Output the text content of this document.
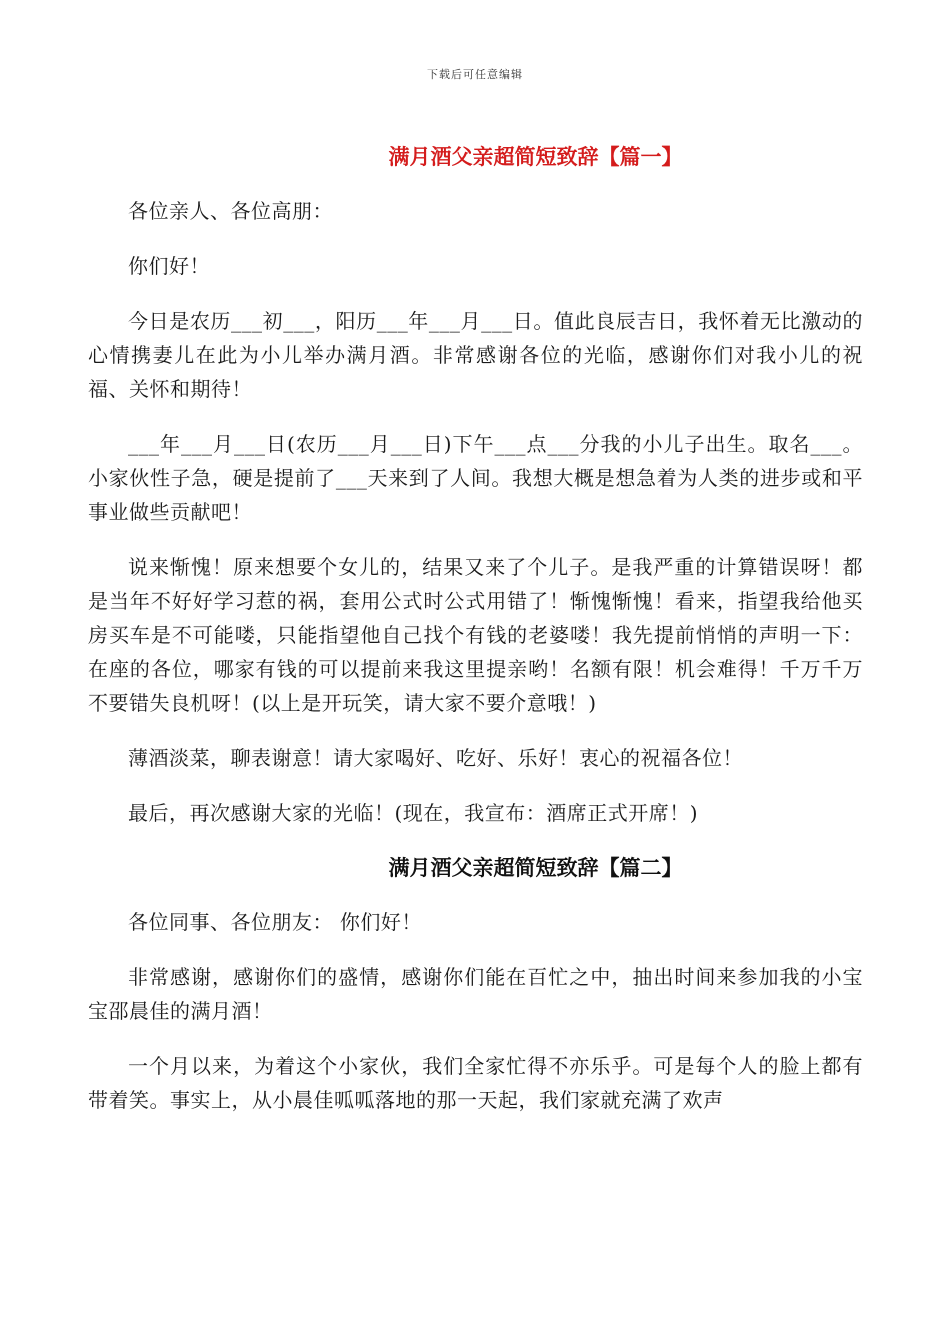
下载后可任意编辑
满月酒父亲超简短致辞【篇一】

各位亲人、各位高朋：

你们好！

今日是农历___初___，阳历___年___月___日。值此良辰吉日，我怀着无比激动的心情携妻儿在此为小儿举办满月酒。非常感谢各位的光临，感谢你们对我小儿的祝福、关怀和期待！

___年___月___日(农历___月___日)下午___点___分我的小儿子出生。取名___。小家伙性子急，硬是提前了___天来到了人间。我想大概是想急着为人类的进步或和平事业做些贡献吧！

说来惭愧！原来想要个女儿的，结果又来了个儿子。是我严重的计算错误呀！都是当年不好好学习惹的祸，套用公式时公式用错了！惭愧惭愧！看来，指望我给他买房买车是不可能喽，只能指望他自己找个有钱的老婆喽！我先提前悄悄的声明一下：在座的各位，哪家有钱的可以提前来我这里提亲哟！名额有限！机会难得！千万千万不要错失良机呀！(以上是开玩笑，请大家不要介意哦！)

薄酒淡菜，聊表谢意！请大家喝好、吃好、乐好！衷心的祝福各位！

最后，再次感谢大家的光临！(现在，我宣布：酒席正式开席！)

满月酒父亲超简短致辞【篇二】

各位同事、各位朋友： 你们好！

非常感谢，感谢你们的盛情，感谢你们能在百忙之中，抽出时间来参加我的小宝宝邵晨佳的满月酒！

一个月以来，为着这个小家伙，我们全家忙得不亦乐乎。可是每个人的脸上都有带着笑。事实上，从小晨佳呱呱落地的那一天起，我们家就充满了欢声
